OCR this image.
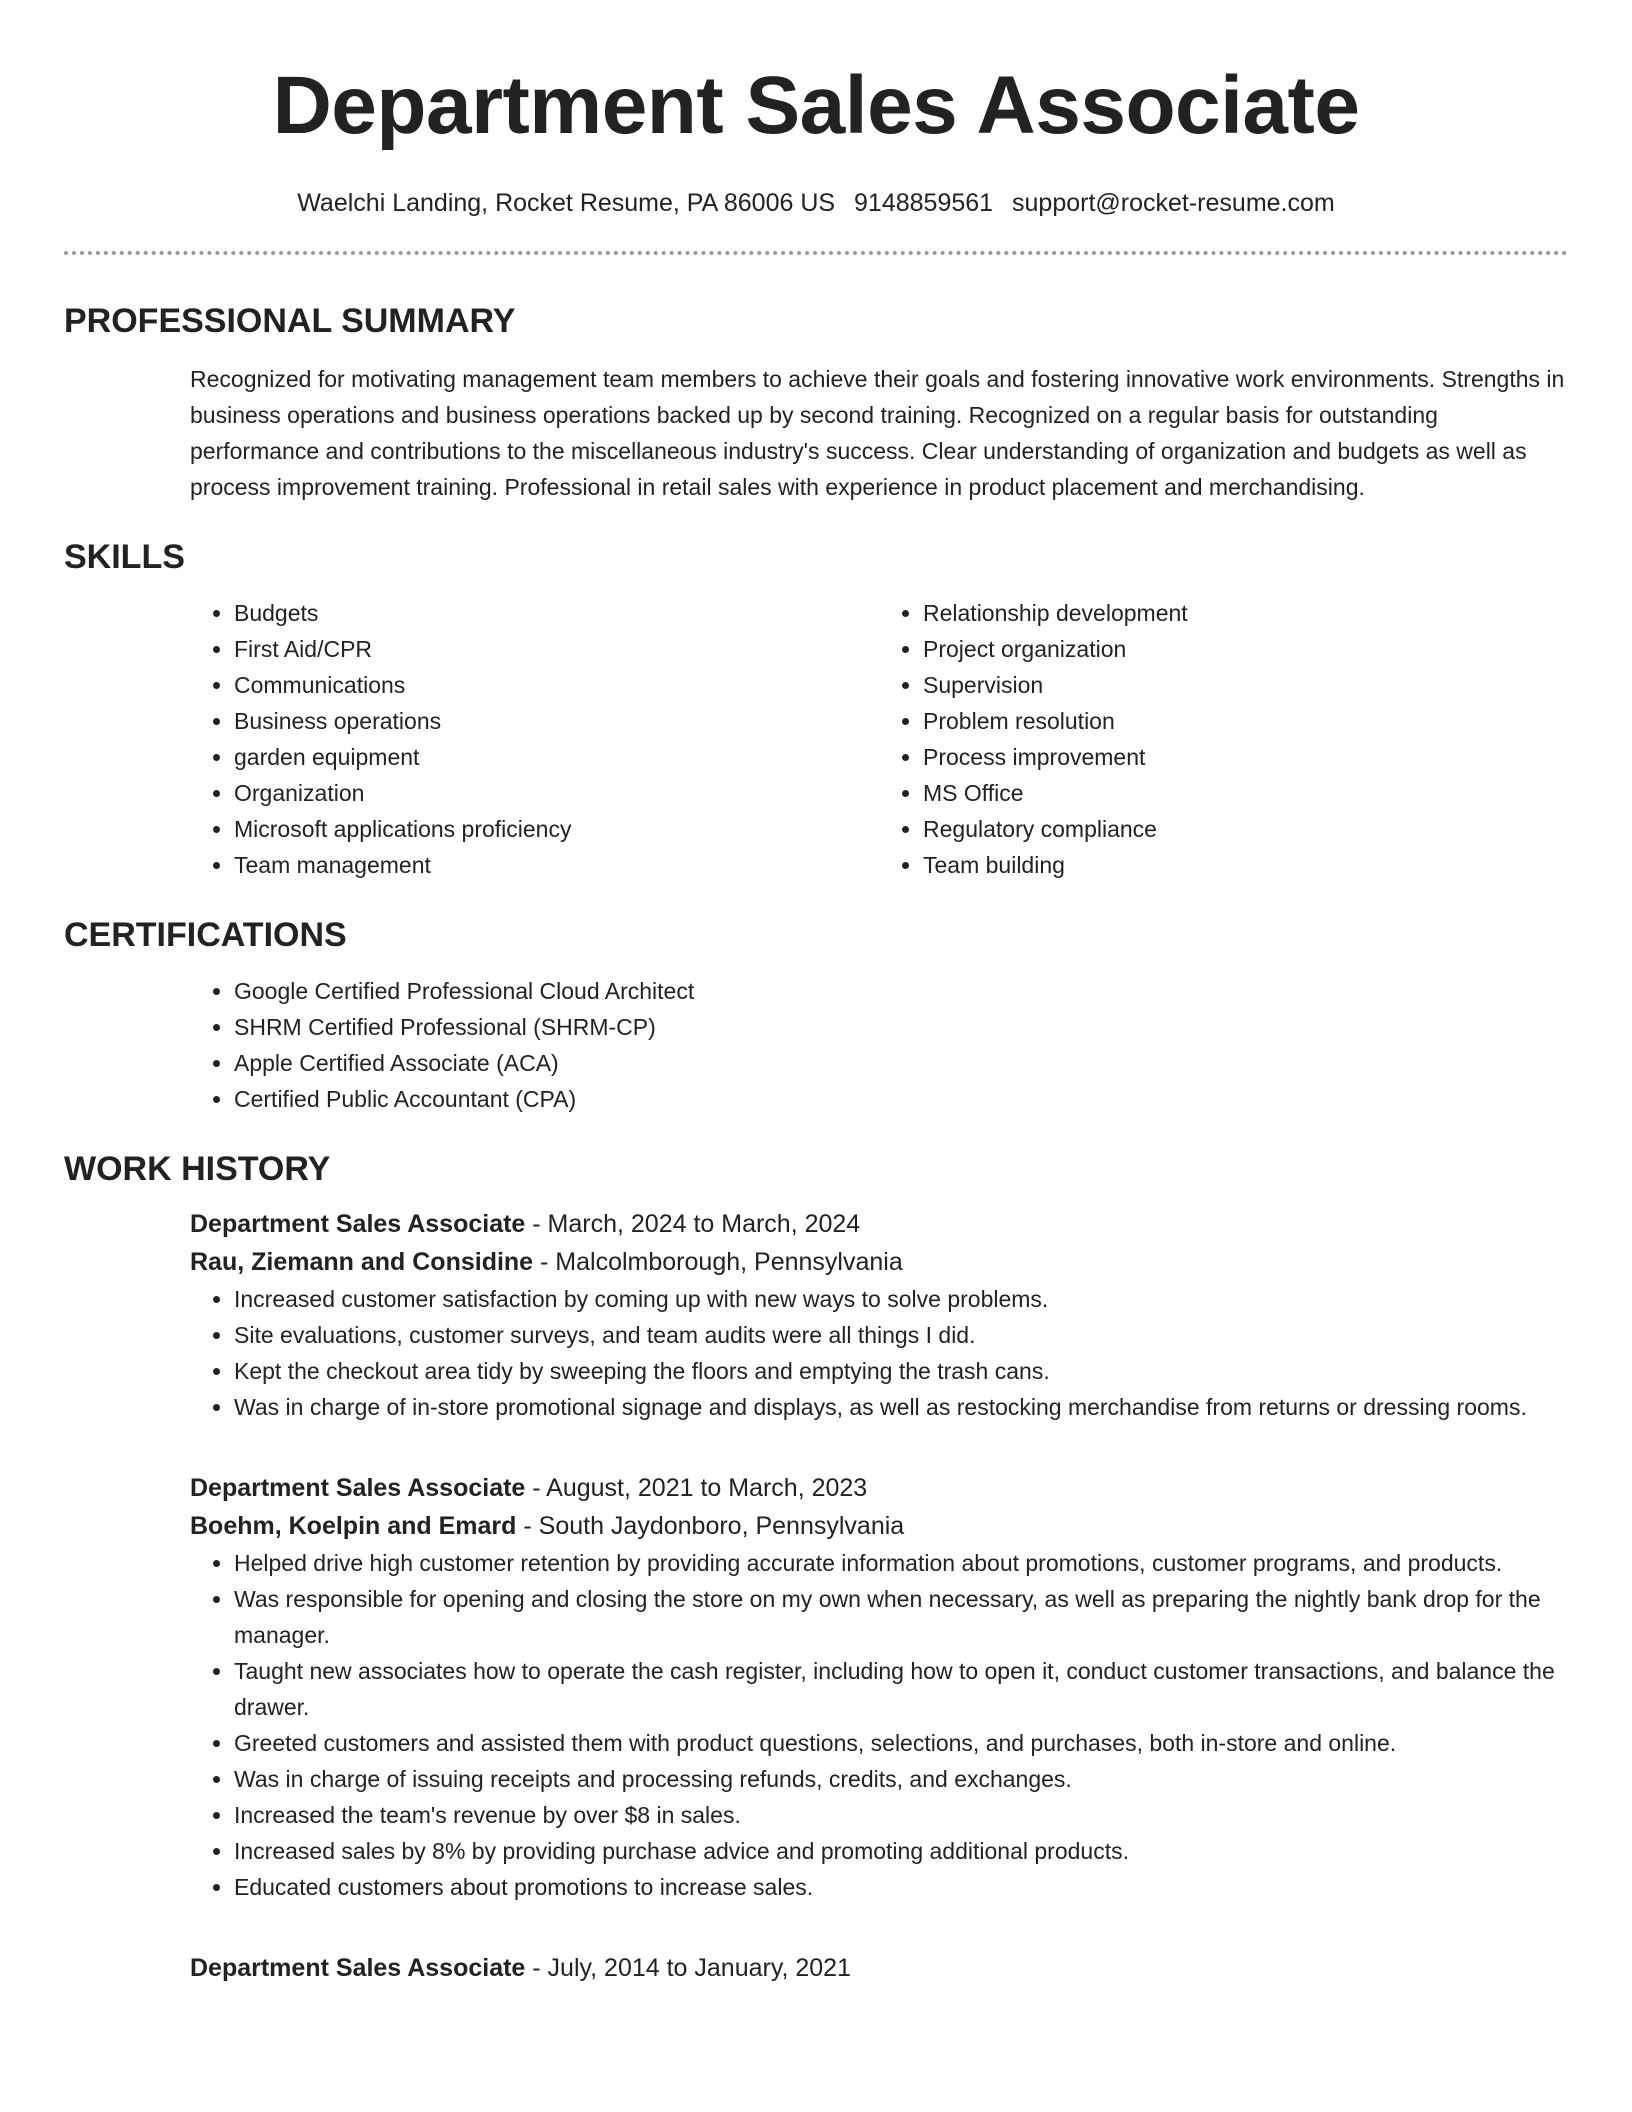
Department Sales Associate
Waelchi Landing, Rocket Resume, PA 86006 US 9148859561 support@rocket-resume.com
PROFESSIONAL SUMMARY

Recognized for motivating management team members to achieve their goals and fostering innovative work environments. Strengths in business operations and business operations backed up by second training. Recognized on a regular basis for outstanding performance and contributions to the miscellaneous industry's success. Clear understanding of organization and budgets as well as process improvement training. Professional in retail sales with experience in product placement and merchandising.

SKILLS
• Budgets
• First Aid/CPR
• Communications
• Business operations
• garden equipment
• Organization
• Microsoft applications proficiency
• Team management
• Relationship development
• Project organization
• Supervision
• Problem resolution
• Process improvement
• MS Office
• Regulatory compliance
• Team building
CERTIFICATIONS
• Google Certified Professional Cloud Architect
• SHRM Certified Professional (SHRM-CP)
• Apple Certified Associate (ACA)
• Certified Public Accountant (CPA)
WORK HISTORY
Department Sales Associate - March, 2024 to March, 2024
Rau, Ziemann and Considine - Malcolmborough, Pennsylvania
• Increased customer satisfaction by coming up with new ways to solve problems.
• Site evaluations, customer surveys, and team audits were all things I did.
• Kept the checkout area tidy by sweeping the floors and emptying the trash cans.
• Was in charge of in-store promotional signage and displays, as well as restocking merchandise from returns or dressing rooms.
Department Sales Associate - August, 2021 to March, 2023
Boehm, Koelpin and Emard - South Jaydonboro, Pennsylvania
• Helped drive high customer retention by providing accurate information about promotions, customer programs, and products.
• Was responsible for opening and closing the store on my own when necessary, as well as preparing the nightly bank drop for the manager.
• Taught new associates how to operate the cash register, including how to open it, conduct customer transactions, and balance the drawer.
• Greeted customers and assisted them with product questions, selections, and purchases, both in-store and online.
• Was in charge of issuing receipts and processing refunds, credits, and exchanges.
• Increased the team's revenue by over $8 in sales.
• Increased sales by 8% by providing purchase advice and promoting additional products.
• Educated customers about promotions to increase sales.
Department Sales Associate - July, 2014 to January, 2021
